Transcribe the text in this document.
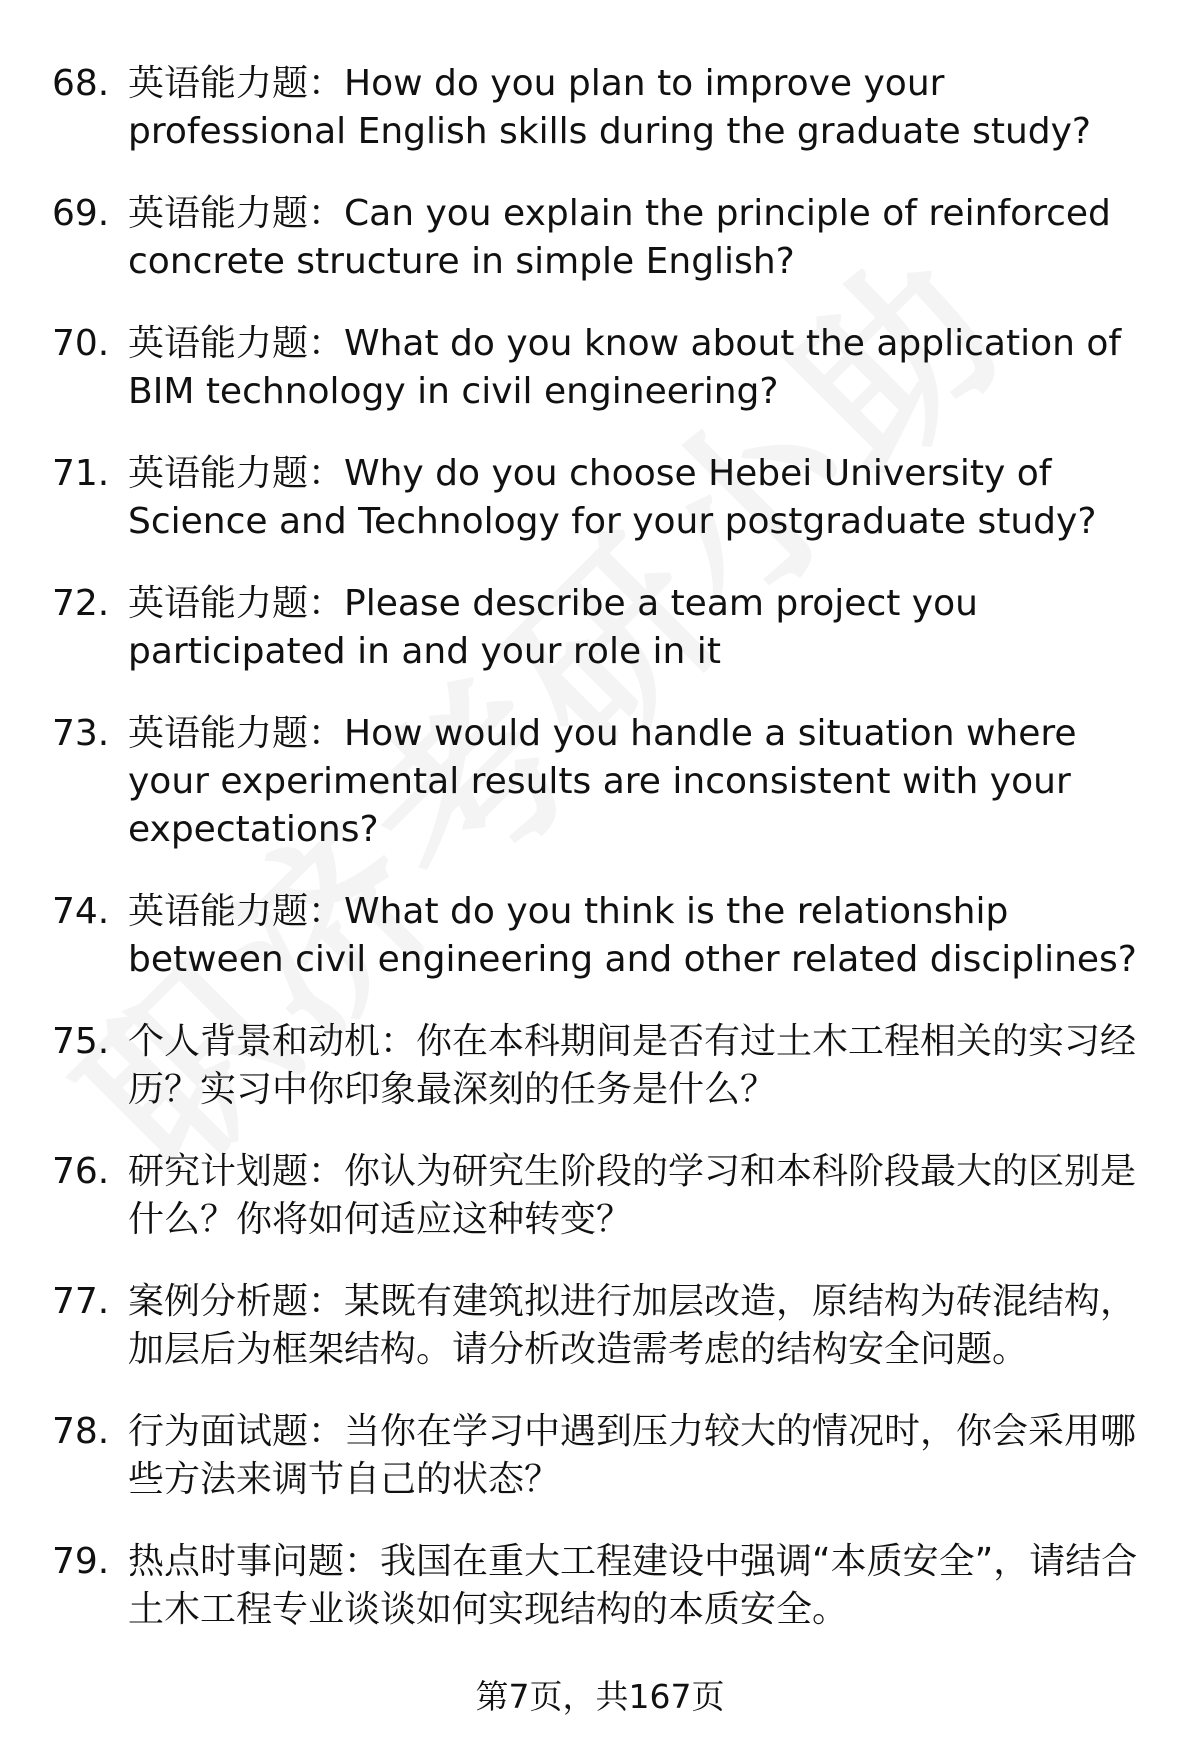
68. 英语能力题：How do you plan to improve your professional English skills during the graduate study?
69. 英语能力题：Can you explain the principle of reinforced concrete structure in simple English?
70. 英语能力题：What do you know about the application of BIM technology in civil engineering?
71. 英语能力题：Why do you choose Hebei University of Science and Technology for your postgraduate study?
72. 英语能力题：Please describe a team project you participated in and your role in it
73. 英语能力题：How would you handle a situation where your experimental results are inconsistent with your expectations?
74. 英语能力题：What do you think is the relationship between civil engineering and other related disciplines?
75. 个人背景和动机：你在本科期间是否有过土木工程相关的实习经历？实习中你印象最深刻的任务是什么？
76. 研究计划题：你认为研究生阶段的学习和本科阶段最大的区别是什么？你将如何适应这种转变？
77. 案例分析题：某既有建筑拟进行加层改造，原结构为砖混结构，加层后为框架结构。请分析改造需考虑的结构安全问题。
78. 行为面试题：当你在学习中遇到压力较大的情况时，你会采用哪些方法来调节自己的状态？
79. 热点时事问题：我国在重大工程建设中强调“本质安全”，请结合土木工程专业谈谈如何实现结构的本质安全。
第7页，共167页
